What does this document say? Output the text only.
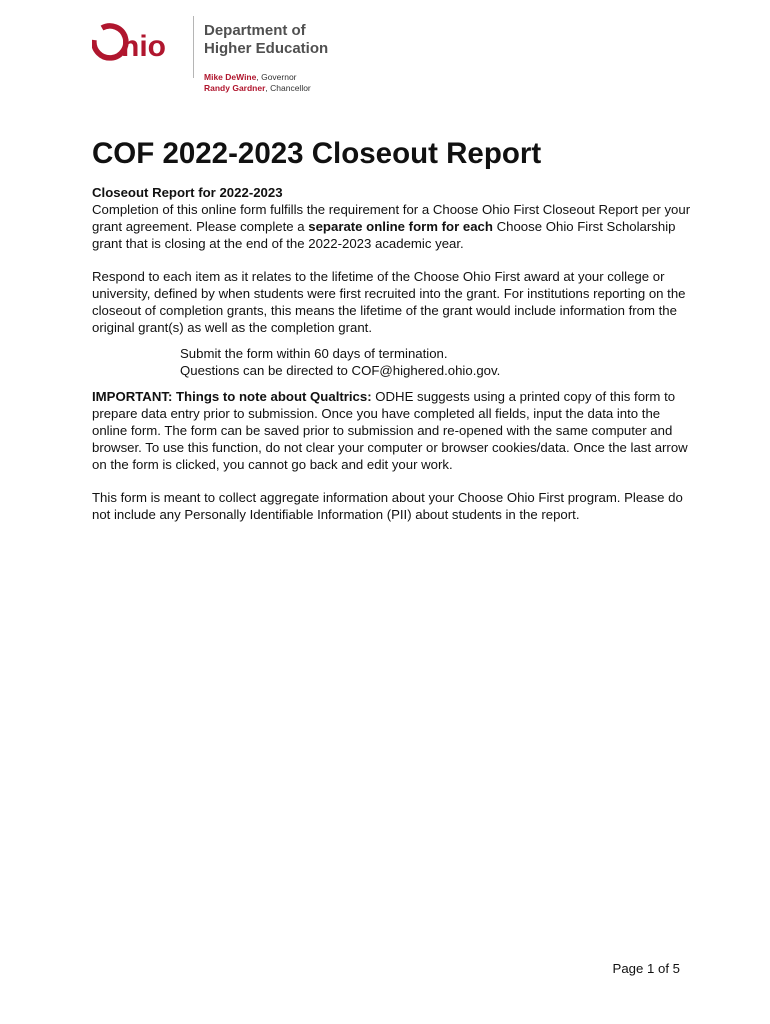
hio	Department of
Higher Education
Mike DeWine, Governor
Randy Gardner, Chancellor
COF 2022-2023 Closeout Report

Closeout Report for 2022-2023
Completion of this online form fulfills the requirement for a Choose Ohio First Closeout Report per your grant agreement. Please complete a separate online form for each Choose Ohio First Scholarship grant that is closing at the end of the 2022-2023 academic year.

Respond to each item as it relates to the lifetime of the Choose Ohio First award at your college or university, defined by when students were first recruited into the grant. For institutions reporting on the closeout of completion grants, this means the lifetime of the grant would include information from the original grant(s) as well as the completion grant.

Submit the form within 60 days of termination.
Questions can be directed to COF@highered.ohio.gov.

IMPORTANT: Things to note about Qualtrics: ODHE suggests using a printed copy of this form to prepare data entry prior to submission. Once you have completed all fields, input the data into the online form. The form can be saved prior to submission and re-opened with the same computer and browser. To use this function, do not clear your computer or browser cookies/data. Once the last arrow on the form is clicked, you cannot go back and edit your work.

This form is meant to collect aggregate information about your Choose Ohio First program. Please do not include any Personally Identifiable Information (PII) about students in the report.

Page 1 of 5
